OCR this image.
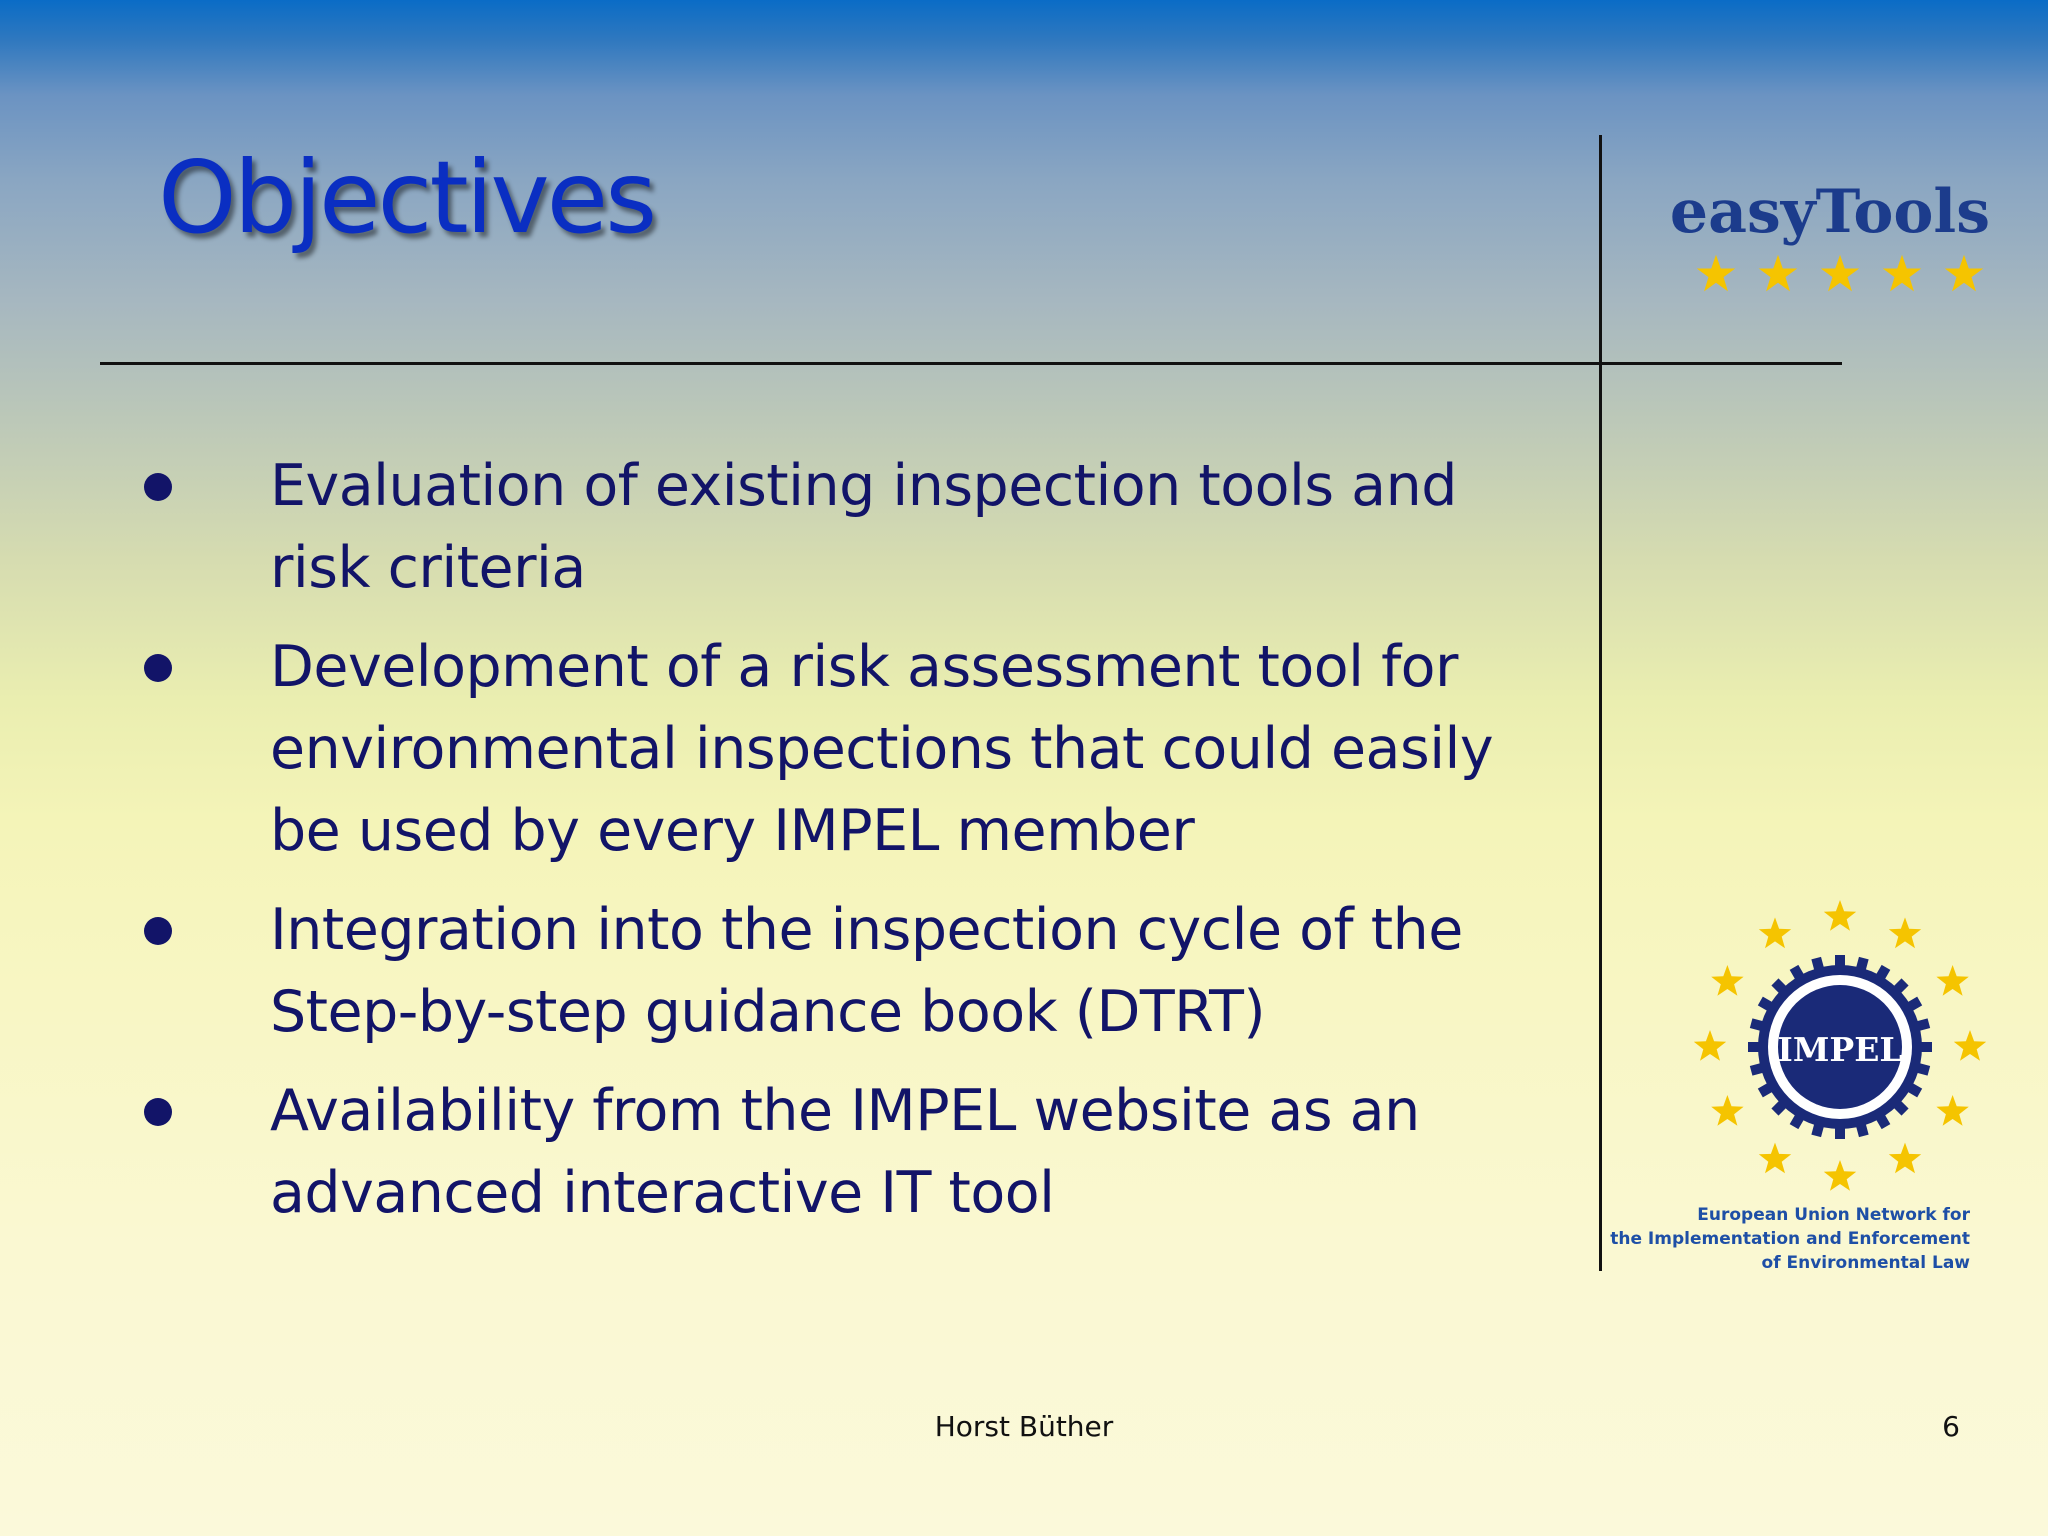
Objectives	easyTools
Evaluation of existing inspection tools and
risk criteria
Development of a risk assessment tool for
environmental inspections that could easily
be used by every IMPEL member
Integration into the inspection cycle of the
Step-by-step guidance book (DTRT)
Availability from the IMPEL website as an
advanced interactive IT tool
IMPEL
European Union Network for
the Implementation and Enforcement
of Environmental Law
Horst Büther	6
